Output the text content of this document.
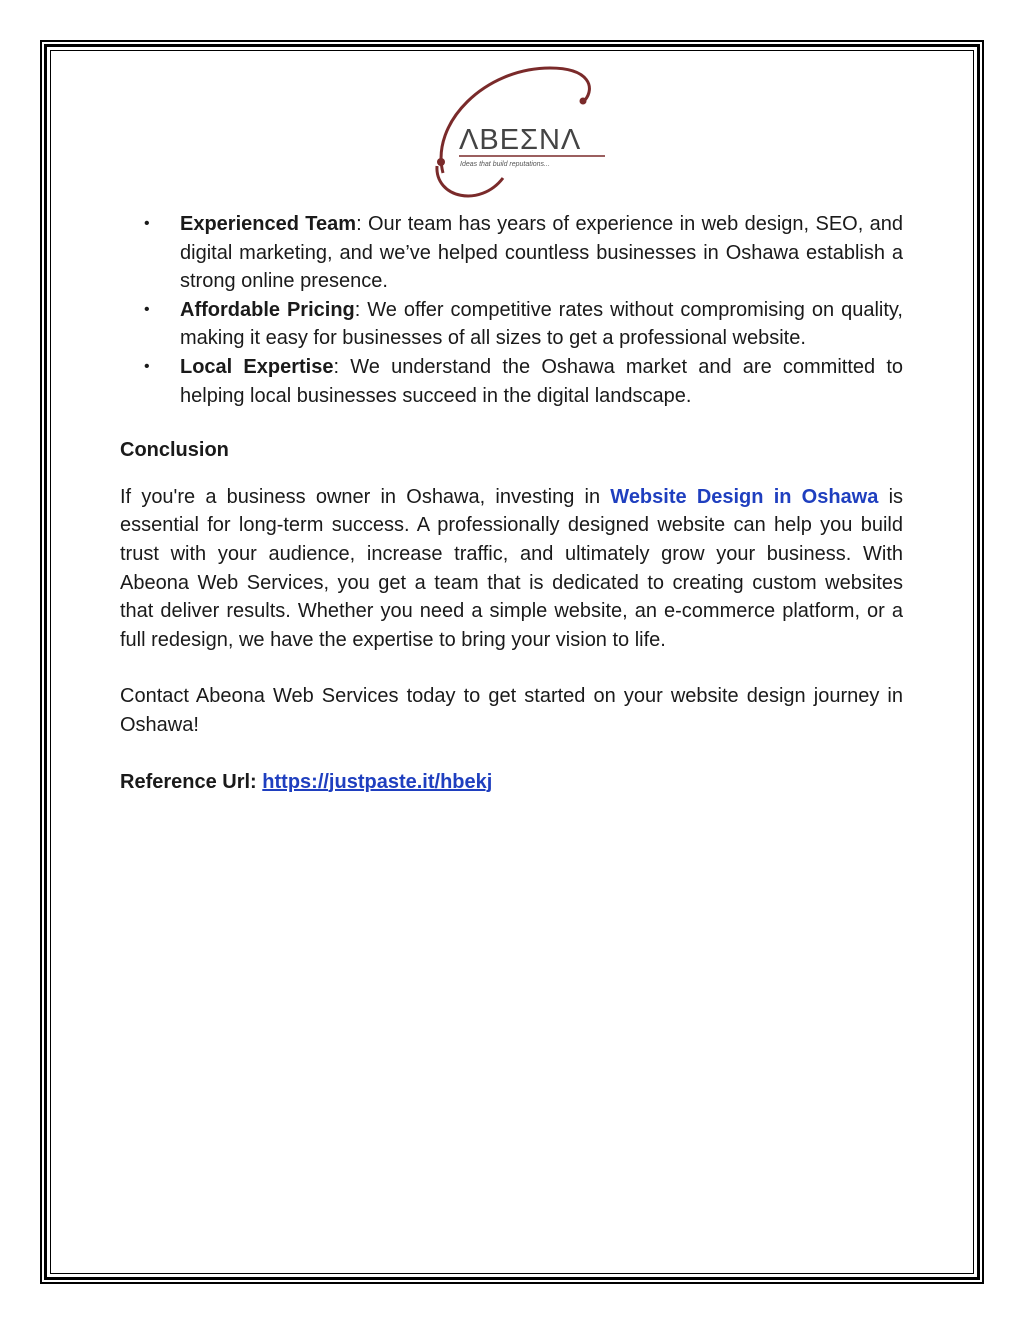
ΛΒΕΣΝΛ
Ideas that build reputations...
• Experienced Team: Our team has years of experience in web design, SEO, and digital marketing, and we’ve helped countless businesses in Oshawa establish a strong online presence.
• Affordable Pricing: We offer competitive rates without compromising on quality, making it easy for businesses of all sizes to get a professional website.
• Local Expertise: We understand the Oshawa market and are committed to helping local businesses succeed in the digital landscape.
Conclusion

If you're a business owner in Oshawa, investing in Website Design in Oshawa is essential for long-term success. A professionally designed website can help you build trust with your audience, increase traffic, and ultimately grow your business. With Abeona Web Services, you get a team that is dedicated to creating custom websites that deliver results. Whether you need a simple website, an e-commerce platform, or a full redesign, we have the expertise to bring your vision to life.

Contact Abeona Web Services today to get started on your website design journey in Oshawa!

Reference Url: https://justpaste.it/hbekj
